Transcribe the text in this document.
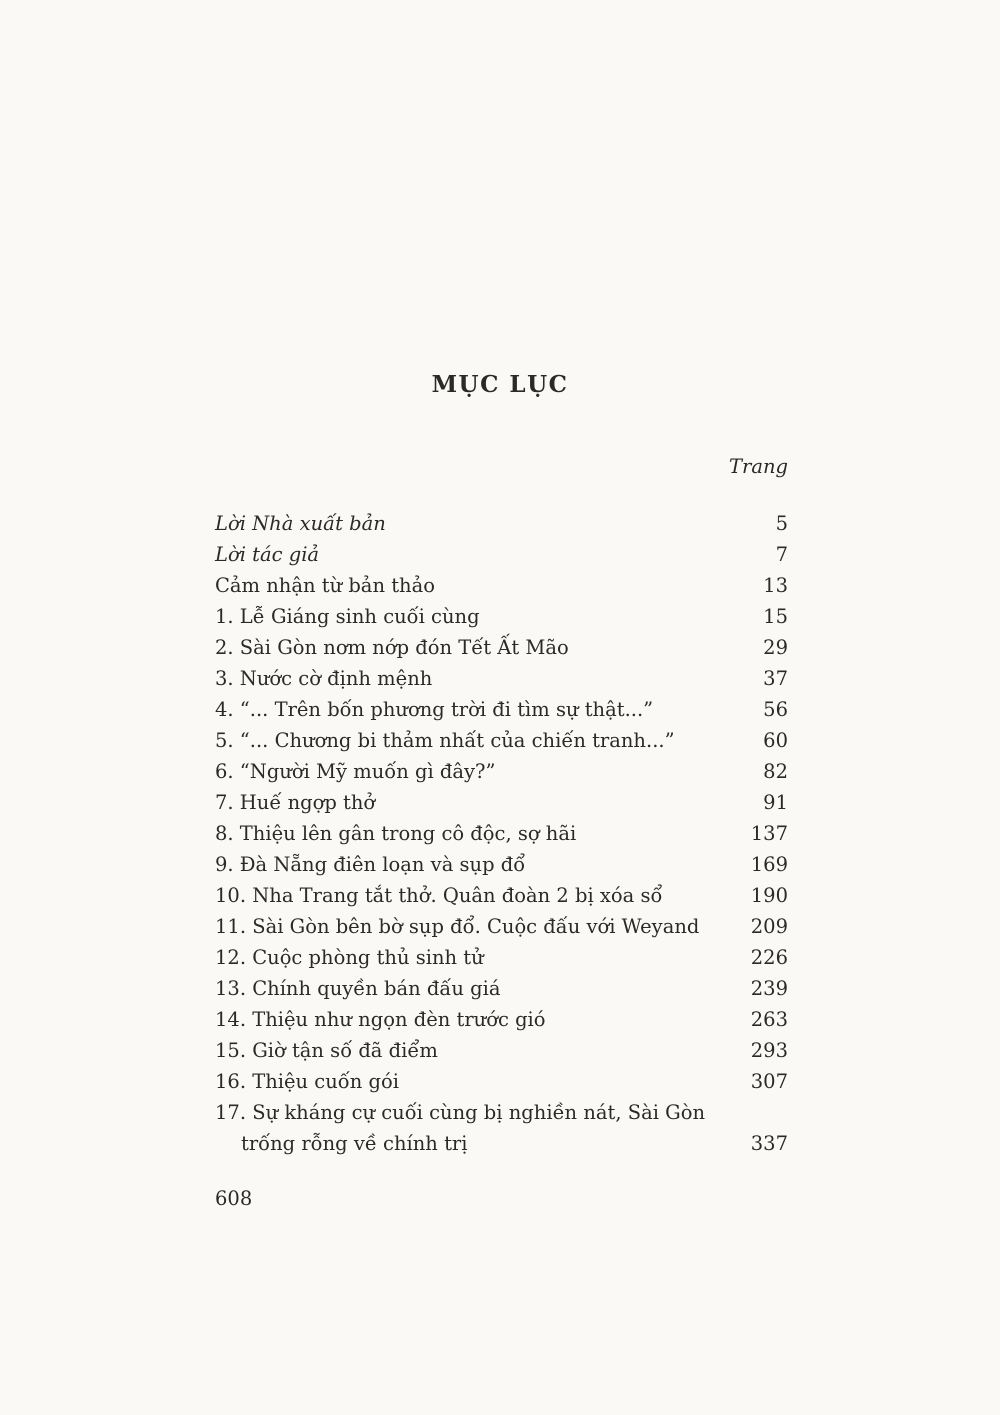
MỤC LỤC
Trang
Lời Nhà xuất bản	5
Lời tác giả	7
Cảm nhận từ bản thảo	13
1. Lễ Giáng sinh cuối cùng	15
2. Sài Gòn nơm nớp đón Tết Ất Mão	29
3. Nước cờ định mệnh	37
4. “... Trên bốn phương trời đi tìm sự thật...”	56
5. “... Chương bi thảm nhất của chiến tranh...”	60
6. “Người Mỹ muốn gì đây?”	82
7. Huế ngợp thở	91
8. Thiệu lên gân trong cô độc, sợ hãi	137
9. Đà Nẵng điên loạn và sụp đổ	169
10. Nha Trang tắt thở. Quân đoàn 2 bị xóa sổ	190
11. Sài Gòn bên bờ sụp đổ. Cuộc đấu với Weyand	209
12. Cuộc phòng thủ sinh tử	226
13. Chính quyền bán đấu giá	239
14. Thiệu như ngọn đèn trước gió	263
15. Giờ tận số đã điểm	293
16. Thiệu cuốn gói	307
17. Sự kháng cự cuối cùng bị nghiền nát, Sài Gòn trống rỗng về chính trị	337
608
